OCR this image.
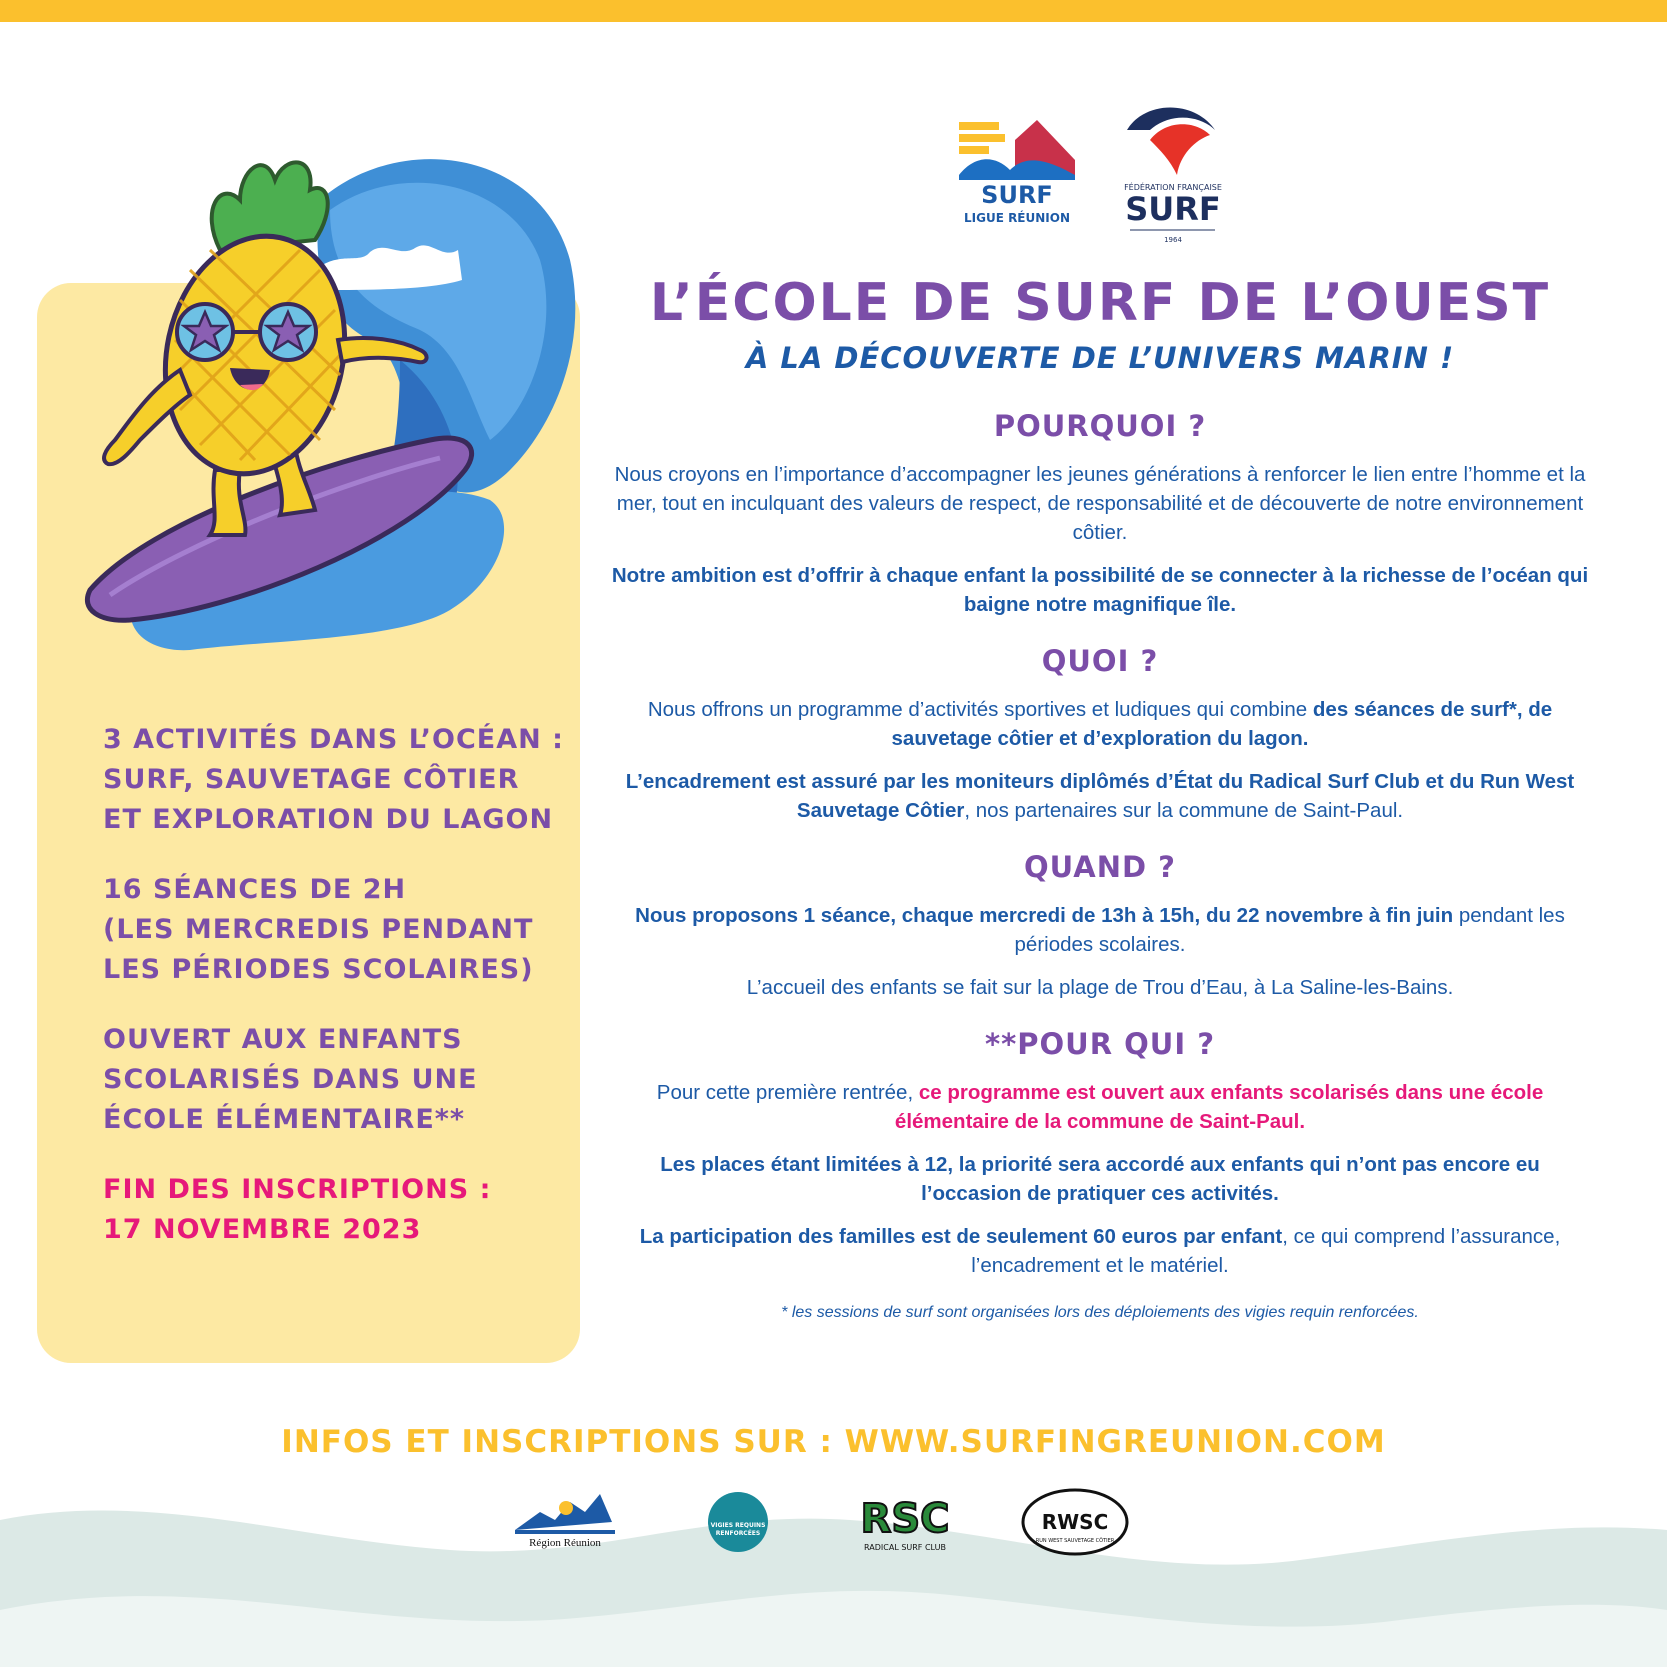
3 ACTIVITÉS DANS L’OCÉAN :
SURF, SAUVETAGE CÔTIER
ET EXPLORATION DU LAGON
16 SÉANCES DE 2H
(LES MERCREDIS PENDANT
LES PÉRIODES SCOLAIRES)
OUVERT AUX ENFANTS
SCOLARISÉS DANS UNE
ÉCOLE ÉLÉMENTAIRE**
FIN DES INSCRIPTIONS :
17 NOVEMBRE 2023
SURF
LIGUE RÉUNION
FÉDÉRATION FRANÇAISE
SURF
1964
L’ÉCOLE DE SURF DE L’OUEST
À LA DÉCOUVERTE DE L’UNIVERS MARIN !
POURQUOI ?

Nous croyons en l’importance d’accompagner les jeunes générations à renforcer le lien entre l’homme et la mer, tout en inculquant des valeurs de respect, de responsabilité et de découverte de notre environnement côtier.

Notre ambition est d’offrir à chaque enfant la possibilité de se connecter à la richesse de l’océan qui baigne notre magnifique île.

QUOI ?

Nous offrons un programme d’activités sportives et ludiques qui combine des séances de surf*, de sauvetage côtier et d’exploration du lagon.

L’encadrement est assuré par les moniteurs diplômés d’État du Radical Surf Club et du Run West Sauvetage Côtier, nos partenaires sur la commune de Saint-Paul.

QUAND ?

Nous proposons 1 séance, chaque mercredi de 13h à 15h, du 22 novembre à fin juin pendant les périodes scolaires.

L’accueil des enfants se fait sur la plage de Trou d’Eau, à La Saline-les-Bains.

**POUR QUI ?

Pour cette première rentrée, ce programme est ouvert aux enfants scolarisés dans une école élémentaire de la commune de Saint-Paul.

Les places étant limitées à 12, la priorité sera accordé aux enfants qui n’ont pas encore eu l’occasion de pratiquer ces activités.

La participation des familles est de seulement 60 euros par enfant, ce qui comprend l’assurance, l’encadrement et le matériel.

* les sessions de surf sont organisées lors des déploiements des vigies requin renforcées.
INFOS ET INSCRIPTIONS SUR : WWW.SURFINGREUNION.COM
Région Réunion
VIGIES REQUINS
RENFORCÉES	RSC
RADICAL SURF CLUB
RWSC
RUN WEST SAUVETAGE CÔTIER
